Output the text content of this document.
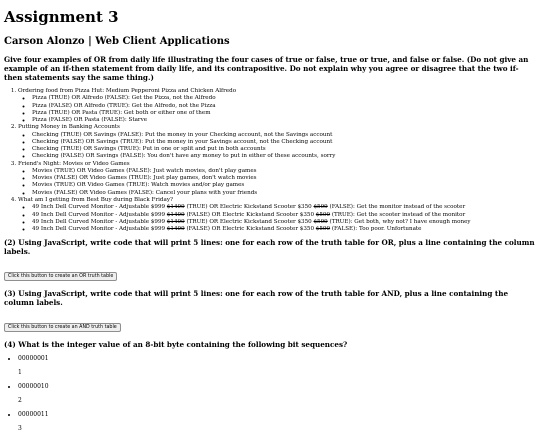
Assignment 3
Carson Alonzo | Web Client Applications

Give four examples of OR from daily life illustrating the four cases of true or false, true or true, and false or false. (Do not give an example of an if-then statement from daily life, and its contrapositive. Do not explain why you agree or disagree that the two if-then statements say the same thing.)

1. Ordering food from Pizza Hut: Medium Pepperoni Pizza and Chicken Alfredo
◦ Pizza (TRUE) OR Alfredo (FALSE): Get the Pizza, not the Alfredo
◦ Pizza (FALSE) OR Alfredo (TRUE): Get the Alfredo, not the Pizza
◦ Pizza (TRUE) OR Pasta (TRUE): Get both or either one of them
◦ Pizza (FALSE) OR Pasta (FALSE): Starve
2. Putting Money in Banking Accounts
◦ Checking (TRUE) OR Savings (FALSE): Put the money in your Checking account, not the Savings account
◦ Checking (FALSE) OR Savings (TRUE): Put the money in your Savings account, not the Checking account
◦ Checking (TRUE) OR Savings (TRUE): Put in one or split and put in both accounts
◦ Checking (FALSE) OR Savings (FALSE): You don't have any money to put in either of these accounts, sorry
3. Friend's Night: Movies or Video Games
◦ Movies (TRUE) OR Video Games (FALSE): Just watch movies, don't play games
◦ Movies (FALSE) OR Video Games (TRUE): Just play games, don't watch movies
◦ Movies (TRUE) OR Video Games (TRUE): Watch movies and/or play games
◦ Movies (FALSE) OR Video Games (FALSE): Cancel your plans with your friends
4. What am I getting from Best Buy during Black Friday?
◦ 49 Inch Dell Curved Monitor - Adjustable $999 $1499 (TRUE) OR Electric Kickstand Scooter $350 $599 (FALSE): Get the monitor instead of the scooter
◦ 49 Inch Dell Curved Monitor - Adjustable $999 $1499 (FALSE) OR Electric Kickstand Scooter $350 $599 (TRUE): Get the scooter instead of the monitor
◦ 49 Inch Dell Curved Monitor - Adjustable $999 $1499 (TRUE) OR Electric Kickstand Scooter $350 $599 (TRUE): Get both, why not? I have enough money
◦ 49 Inch Dell Curved Monitor - Adjustable $999 $1499 (FALSE) OR Electric Kickstand Scooter $350 $599 (FALSE): Too poor. Unfortunate

(2) Using JavaScript, write code that will print 5 lines: one for each row of the truth table for OR, plus a line containing the column labels.

Click this button to create an OR truth table

(3) Using JavaScript, write code that will print 5 lines: one for each row of the truth table for AND, plus a line containing the column labels.

Click this button to create an AND truth table

(4) What is the integer value of an 8-bit byte containing the following bit sequences?

• 00000001
1
• 00000010
2
• 00000011
3
